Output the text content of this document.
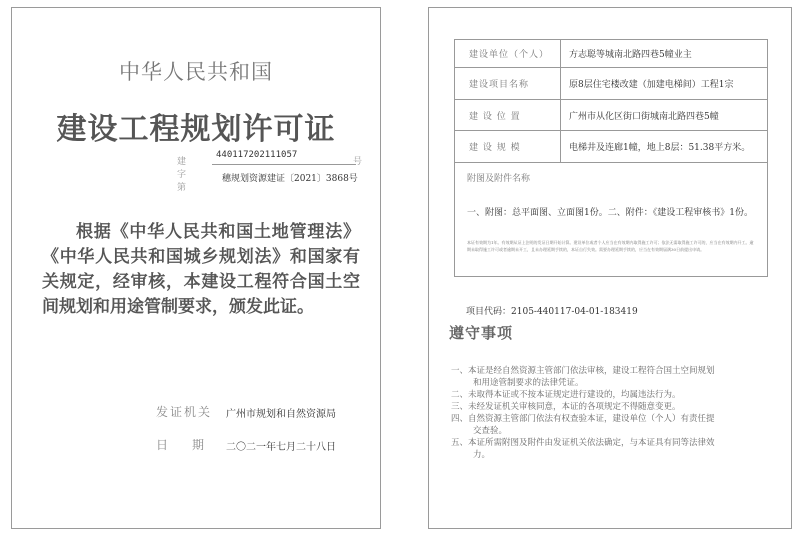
中华人民共和国
建设工程规划许可证
建字第
440117202111057
号
穗规划资源建证〔2021〕3868号
根据《中华人民共和国土地管理法》《中华人民共和国城乡规划法》和国家有关规定，经审核，本建设工程符合国土空间规划和用途管制要求，颁发此证。
发证机关 广州市规划和自然资源局
日　　期 二〇二一年七月二十八日
建设单位（个人）	方志聪等城南北路四巷5幢业主
建设项目名称	原8层住宅楼改建（加建电梯间）工程1宗
建 设 位 置	广州市从化区街口街城南北路四巷5幢
建 设 规 模	电梯井及连廊1幢，地上8层：51.38平方米。
附图及附件名称
一、附图：总平面图、立面图1份。二、附件：《建设工程审核书》1份。
本证有效期为1年。有效期从证上注明的发证日期开始计算。建设单位或者个人应当在有效期内取得施工许可；依法无需取得施工许可的，应当在有效期内开工。逾期未取得施工许可或者逾期未开工，且未办理延期手续的，本证自行失效。需要办理延期手续的，应当在有效期届满30日前提出申请。
项目代码：2105-440117-04-01-183419
遵守事项

一、本证是经自然资源主管部门依法审核，建设工程符合国土空间规划

和用途管制要求的法律凭证。

二、未取得本证或不按本证规定进行建设的，均属违法行为。

三、未经发证机关审核同意，本证的各项规定不得随意变更。

四、自然资源主管部门依法有权查验本证，建设单位（个人）有责任提

交查验。

五、本证所需附图及附件由发证机关依法确定，与本证具有同等法律效

力。
